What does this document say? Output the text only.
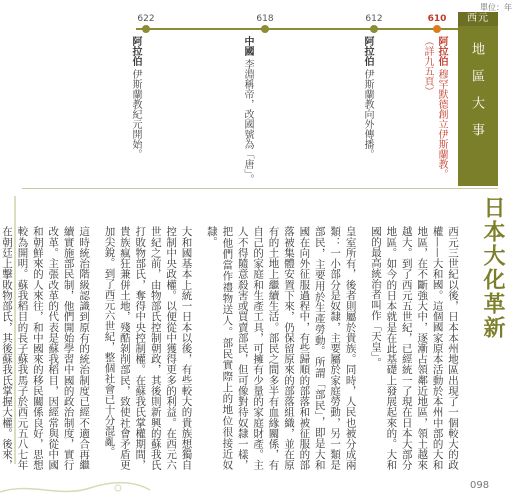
單位：年
西元
地區大事
610
612
618
622
阿拉伯 穆罕默德創立伊斯蘭教。（詳九五頁）
阿拉伯 伊斯蘭教向外傳播。
中國 李淵稱帝，改國號為「唐」。
阿拉伯 伊斯蘭教紀元開始。
日本大化革新

西元三世紀以後，日本本州地區出現了一個較大的政權——大和國。這個國家原本活動於本州中部的大和地區，在不斷強大中，逐漸占領鄰近地區，領土越來越大。到了西元五世紀，已經統一了現在日本大部分地區。如今的日本就是在此基礎上發展起來的。大和國的最高統治者叫作「天皇」。

皇室所有，後者則屬於貴族。同時，人民也被分成兩類：一小部分是奴隸，主要屬於家庭勞動，另一類是部民，主要用於生產勞動。所謂「部民」，即是大和國在向外征服過程中，有些歸順的部落和被征服的部落被集體安置下來，仍保留原來的部落組織，並在原有的土地上繼續生活。部民之間多半有血緣關係，有自己的家庭和生產工具，可擁有少量的家庭財產。主人不得隨意殺害或買賣部民，但可像對待奴隸一樣，把他們當作禮物送人。部民實際上的地位很接近奴隸。

大和國基本上統一日本以後，有些較大的貴族想獨自控制中央政權。以便從中獲得更多的利益。在西元六世紀之前，由物部氏控制朝政，其後則新興的蘇我氏打敗物部氏，奪得中央控制權。在蘇我氏掌權期間，貴族瘋狂兼併土地，殘酷剝削部民，致使社會矛盾更加尖銳。到了西元六世紀，整個社會已十分混亂。

這時統治階級認識到原有的統治制度已經不適合再繼續實施部民制，他們開始學習中國的政治制度，實行改革。主張改革的代表是蘇我稻目，因經常與從中國和朝鮮來的人來往，和中國來的移民關係良好，思想較為開明。蘇我稻目的長子蘇我馬子於西元五八七年在朝廷上擊敗物部氏，其後蘇我氏掌握大權。後來，

098
